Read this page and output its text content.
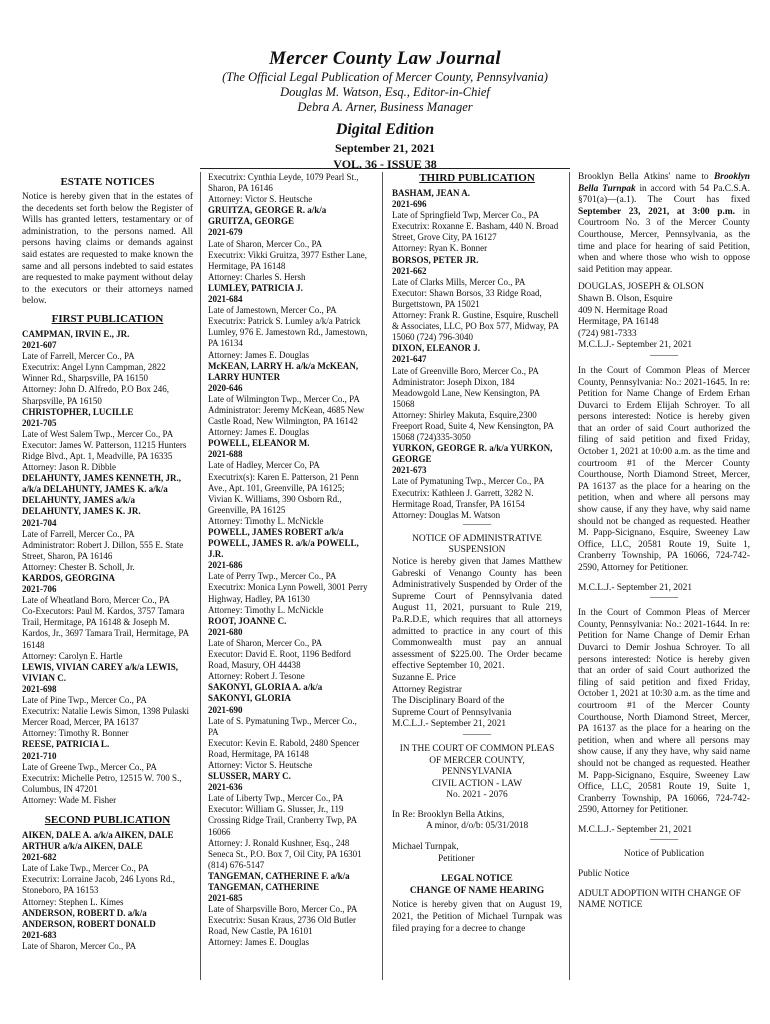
Mercer County Law Journal
(The Official Legal Publication of Mercer County, Pennsylvania)
Douglas M. Watson, Esq., Editor-in-Chief
Debra A. Arner, Business Manager
Digital Edition
September 21, 2021
VOL. 36 - ISSUE 38
ESTATE NOTICES

Notice is hereby given that in the estates of the decedents set forth below the Register of Wills has granted letters, testamentary or of administration, to the persons named. All persons having claims or demands against said estates are requested to make known the same and all persons indebted to said estates are requested to make payment without delay to the executors or their attorneys named below.

FIRST PUBLICATION
CAMPMAN, IRVIN E., JR.
2021-607
Late of Farrell, Mercer Co., PA
Executrix: Angel Lynn Campman, 2822 Winner Rd., Sharpsville, PA 16150
Attorney: John D. Alfredo, P.O Box 246, Sharpsville, PA 16150
CHRISTOPHER, LUCILLE
2021-705
Late of West Salem Twp., Mercer Co., PA
Executor: James W. Patterson, 11215 Hunters Ridge Blvd., Apt. 1, Meadville, PA 16335
Attorney: Jason R. Dibble
DELAHUNTY, JAMES KENNETH, JR., a/k/a DELAHUNTY, JAMES K. a/k/a DELAHUNTY, JAMES a/k/a DELAHUNTY, JAMES K. JR.
2021-704
Late of Farrell, Mercer Co., PA
Administrator: Robert J. Dillon, 555 E. State Street, Sharon, PA 16146
Attorney: Chester B. Scholl, Jr.
KARDOS, GEORGINA
2021-706
Late of Wheatland Boro, Mercer Co., PA
Co-Executors: Paul M. Kardos, 3757 Tamara Trail, Hermitage, PA 16148 & Joseph M. Kardos, Jr., 3697 Tamara Trail, Hermitage, PA 16148
Attorney: Carolyn E. Hartle
LEWIS, VIVIAN CAREY a/k/a LEWIS, VIVIAN C.
2021-698
Late of Pine Twp., Mercer Co., PA
Executrix: Natalie Lewis Simon, 1398 Pulaski Mercer Road, Mercer, PA 16137
Attorney: Timothy R. Bonner
REESE, PATRICIA L.
2021-710
Late of Greene Twp., Mercer Co., PA
Executrix: Michelle Petro, 12515 W. 700 S., Columbus, IN 47201
Attorney: Wade M. Fisher
SECOND PUBLICATION
AIKEN, DALE A. a/k/a AIKEN, DALE ARTHUR a/k/a AIKEN, DALE
2021-682
Late of Lake Twp., Mercer Co., PA
Executrix: Lorraine Jacob, 246 Lyons Rd., Stoneboro, PA 16153
Attorney: Stephen L. Kimes
ANDERSON, ROBERT D. a/k/a ANDERSON, ROBERT DONALD
2021-683
Late of Sharon, Mercer Co., PA
Executrix: Cynthia Leyde, 1079 Pearl St., Sharon, PA 16146
Attorney: Victor S. Heutsche
GRUITZA, GEORGE R. a/k/a GRUITZA, GEORGE
2021-679
Late of Sharon, Mercer Co., PA
Executrix: Vikki Gruitza, 3977 Esther Lane, Hermitage, PA 16148
Attorney: Charles S. Hersh
LUMLEY, PATRICIA J.
2021-684
Late of Jamestown, Mercer Co., PA
Executrix: Patrick S. Lumley a/k/a Patrick Lumley, 976 E. Jamestown Rd., Jamestown, PA 16134
Attorney: James E. Douglas
McKEAN, LARRY H. a/k/a McKEAN, LARRY HUNTER
2020-646
Late of Wilmington Twp., Mercer Co., PA
Administrator: Jeremy McKean, 4685 New Castle Road, New Wilmington, PA 16142
Attorney: James E. Douglas
POWELL, ELEANOR M.
2021-688
Late of Hadley, Mercer Co, PA
Executrix(s): Karen E. Patterson, 21 Penn Ave., Apt. 101, Greenville, PA 16125; Vivian K. Williams, 390 Osborn Rd., Greenville, PA 16125
Attorney: Timothy L. McNickle
POWELL, JAMES ROBERT a/k/a POWELL, JAMES R. a/k/a POWELL, J.R.
2021-686
Late of Perry Twp., Mercer Co., PA
Executrix: Monica Lynn Powell, 3001 Perry Highway, Hadley, PA 16130
Attorney: Timothy L. McNickle
ROOT, JOANNE C.
2021-680
Late of Sharon, Mercer Co., PA
Executor: David E. Root, 1196 Bedford Road, Masury, OH 44438
Attorney: Robert J. Tesone
SAKONYI, GLORIA A. a/k/a SAKONYI, GLORIA
2021-690
Late of S. Pymatuning Twp., Mercer Co., PA
Executor: Kevin E. Rabold, 2480 Spencer Road, Hermitage, PA 16148
Attorney: Victor S. Heutsche
SLUSSER, MARY C.
2021-636
Late of Liberty Twp., Mercer Co., PA
Executor: William G. Slusser, Jr., 119 Crossing Ridge Trail, Cranberry Twp, PA 16066
Attorney: J. Ronald Kushner, Esq., 248 Seneca St., P.O. Box 7, Oil City, PA 16301 (814) 676-5147
TANGEMAN, CATHERINE F. a/k/a TANGEMAN, CATHERINE
2021-685
Late of Sharpsville Boro, Mercer Co., PA
Executrix: Susan Kraus, 2736 Old Butler Road, New Castle, PA 16101
Attorney: James E. Douglas
THIRD PUBLICATION
BASHAM, JEAN A.
2021-696
Late of Springfield Twp, Mercer Co., PA
Executrix: Roxanne E. Basham, 440 N. Broad Street, Grove City, PA 16127
Attorney: Ryan K. Bonner
BORSOS, PETER JR.
2021-662
Late of Clarks Mills, Mercer Co., PA
Executor: Shawn Borsos, 33 Ridge Road, Burgettstown, PA 15021
Attorney: Frank R. Gustine, Esquire, Ruschell & Associates, LLC, PO Box 577, Midway, PA 15060 (724) 796-3040
DIXON, ELEANOR J.
2021-647
Late of Greenville Boro, Mercer Co., PA
Administrator: Joseph Dixon, 184 Meadowgold Lane, New Kensington, PA 15068
Attorney: Shirley Makuta, Esquire,2300 Freeport Road, Suite 4, New Kensington, PA 15068 (724)335-3050
YURKON, GEORGE R. a/k/a YURKON, GEORGE
2021-673
Late of Pymatuning Twp., Mercer Co., PA
Executrix: Kathleen J. Garrett, 3282 N. Hermitage Road, Transfer, PA 16154
Attorney: Douglas M. Watson
———
NOTICE OF ADMINISTRATIVE
SUSPENSION

Notice is hereby given that James Matthew Gabreski of Venango County has been Administratively Suspended by Order of the Supreme Court of Pennsylvania dated August 11, 2021, pursuant to Rule 219, Pa.R.D.E, which requires that all attorneys admitted to practice in any court of this Commonwealth must pay an annual assessment of $225.00. The Order became effective September 10, 2021.

Suzanne E. Price
Attorney Registrar
The Disciplinary Board of the
Supreme Court of Pennsylvania
M.C.L.J.- September 21, 2021
———
IN THE COURT OF COMMON PLEAS
OF MERCER COUNTY,
PENNSYLVANIA
CIVIL ACTION - LAW
No. 2021 - 2076
In Re: Brooklyn Bella Atkins,
A minor, d/o/b: 05/31/2018
Michael Turnpak,
Petitioner
LEGAL NOTICE
CHANGE OF NAME HEARING

Notice is hereby given that on August 19, 2021, the Petition of Michael Turnpak was filed praying for a decree to change

Brooklyn Bella Atkins' name to Brooklyn Bella Turnpak in accord with 54 Pa.C.S.A. §701(a)—(a.1). The Court has fixed September 23, 2021, at 3:00 p.m. in Courtroom No. 3 of the Mercer County Courthouse, Mercer, Pennsylvania, as the time and place for hearing of said Petition, when and where those who wish to oppose said Petition may appear.

DOUGLAS, JOSEPH & OLSON
Shawn B. Olson, Esquire
409 N. Hermitage Road
Hermitage, PA 16148
(724) 981-7333
M.C.L.J.- September 21, 2021
———

In the Court of Common Pleas of Mercer County, Pennsylvania: No.: 2021-1645. In re: Petition for Name Change of Erdem Erhan Duvarci to Erdem Elijah Schroyer. To all persons interested: Notice is hereby given that an order of said Court authorized the filing of said petition and fixed Friday, October 1, 2021 at 10:00 a.m. as the time and courtroom #1 of the Mercer County Courthouse, North Diamond Street, Mercer, PA 16137 as the place for a hearing on the petition, when and where all persons may show cause, if any they have, why said name should not be changed as requested. Heather M. Papp-Sicignano, Esquire, Sweeney Law Office, LLC, 20581 Route 19, Suite 1, Cranberry Township, PA 16066, 724-742-2590, Attorney for Petitioner.

M.C.L.J.- September 21, 2021

———

In the Court of Common Pleas of Mercer County, Pennsylvania: No.: 2021-1644. In re: Petition for Name Change of Demir Erhan Duvarci to Demir Joshua Schroyer. To all persons interested: Notice is hereby given that an order of said Court authorized the filing of said petition and fixed Friday, October 1, 2021 at 10:30 a.m. as the time and courtroom #1 of the Mercer County Courthouse, North Diamond Street, Mercer, PA 16137 as the place for a hearing on the petition, when and where all persons may show cause, if any they have, why said name should not be changed as requested. Heather M. Papp-Sicignano, Esquire, Sweeney Law Office, LLC, 20581 Route 19, Suite 1, Cranberry Township, PA 16066, 724-742-2590, Attorney for Petitioner.

M.C.L.J.- September 21, 2021

———
Notice of Publication
Public Notice
ADULT ADOPTION WITH CHANGE OF NAME NOTICE
